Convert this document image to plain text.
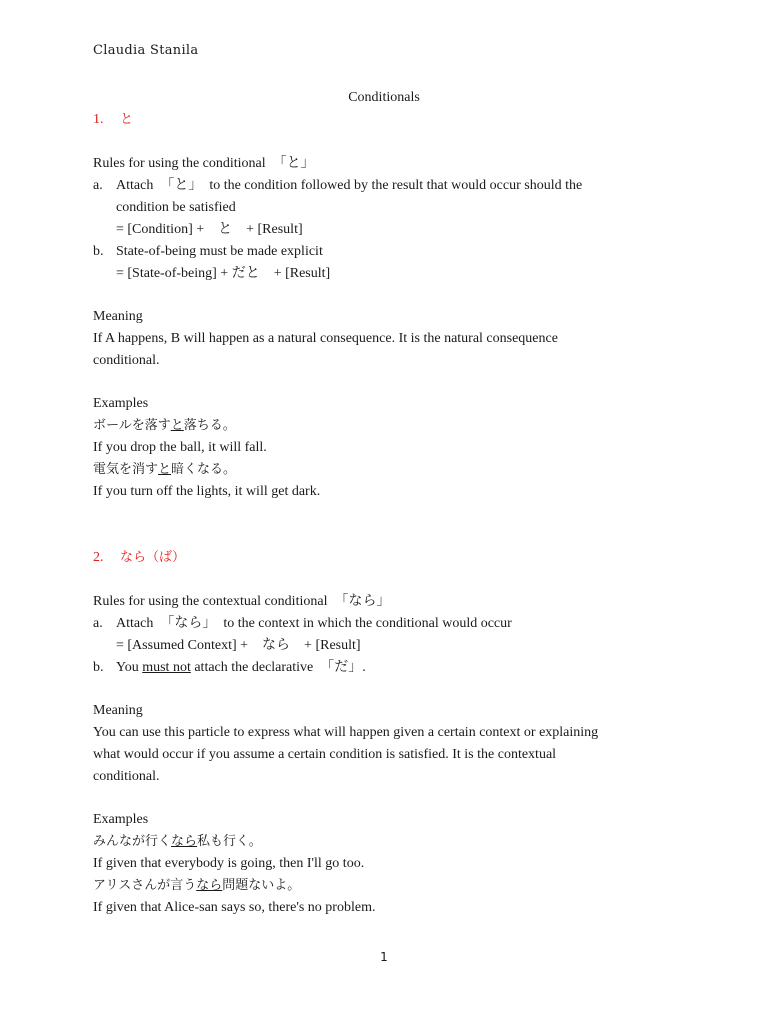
Claudia Stanila
Conditionals
1. と
Rules for using the conditional　「と」
a. Attach　「と」　to the condition followed by the result that would occur should the
condition be satisfied
= [Condition] +　と　+ [Result]
b. State-of-being must be made explicit
= [State-of-being] + だと　+ [Result]
Meaning
If A happens, B will happen as a natural consequence. It is the natural consequence
conditional.
Examples
ボールを落すと落ちる。
If you drop the ball, it will fall.
電気を消すと暗くなる。
If you turn off the lights, it will get dark.
2. なら（ば）
Rules for using the contextual conditional　「なら」
a. Attach　「なら」　to the context in which the conditional would occur
= [Assumed Context] +　なら　+ [Result]
b. You must not attach the declarative　「だ」.
Meaning
You can use this particle to express what will happen given a certain context or explaining
what would occur if you assume a certain condition is satisfied. It is the contextual
conditional.
Examples
みんなが行くなら私も行く。
If given that everybody is going, then I'll go too.
アリスさんが言うなら問題ないよ。
If given that Alice-san says so, there's no problem.
1
